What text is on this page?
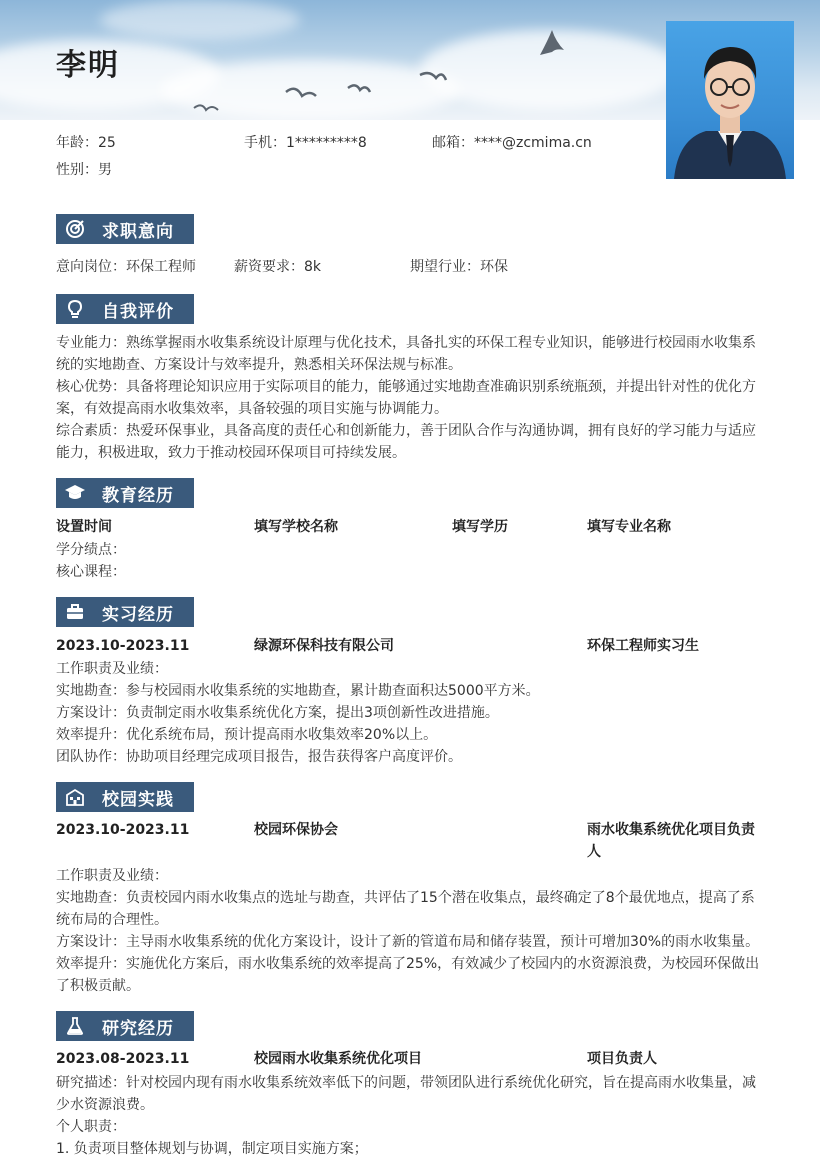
李明
年龄：25	手机：1*********8	邮箱：****@zcmima.cn
性别：男
求职意向
意向岗位：环保工程师	薪资要求：8k	期望行业：环保
自我评价
专业能力：熟练掌握雨水收集系统设计原理与优化技术，具备扎实的环保工程专业知识，能够进行校园雨水收集系
统的实地勘查、方案设计与效率提升，熟悉相关环保法规与标准。
核心优势：具备将理论知识应用于实际项目的能力，能够通过实地勘查准确识别系统瓶颈，并提出针对性的优化方
案，有效提高雨水收集效率，具备较强的项目实施与协调能力。
综合素质：热爱环保事业，具备高度的责任心和创新能力，善于团队合作与沟通协调，拥有良好的学习能力与适应
能力，积极进取，致力于推动校园环保项目可持续发展。
教育经历
设置时间	填写学校名称	填写学历	填写专业名称
学分绩点：
核心课程：
实习经历
2023.10-2023.11	绿源环保科技有限公司	环保工程师实习生
工作职责及业绩：
实地勘查：参与校园雨水收集系统的实地勘查，累计勘查面积达5000平方米。
方案设计：负责制定雨水收集系统优化方案，提出3项创新性改进措施。
效率提升：优化系统布局，预计提高雨水收集效率20%以上。
团队协作：协助项目经理完成项目报告，报告获得客户高度评价。
校园实践
2023.10-2023.11	校园环保协会	雨水收集系统优化项目负责
人
工作职责及业绩：
实地勘查：负责校园内雨水收集点的选址与勘查，共评估了15个潜在收集点，最终确定了8个最优地点，提高了系
统布局的合理性。
方案设计：主导雨水收集系统的优化方案设计，设计了新的管道布局和储存装置，预计可增加30%的雨水收集量。
效率提升：实施优化方案后，雨水收集系统的效率提高了25%，有效减少了校园内的水资源浪费，为校园环保做出
了积极贡献。
研究经历
2023.08-2023.11	校园雨水收集系统优化项目	项目负责人
研究描述：针对校园内现有雨水收集系统效率低下的问题，带领团队进行系统优化研究，旨在提高雨水收集量，减
少水资源浪费。
个人职责：
1. 负责项目整体规划与协调，制定项目实施方案；
